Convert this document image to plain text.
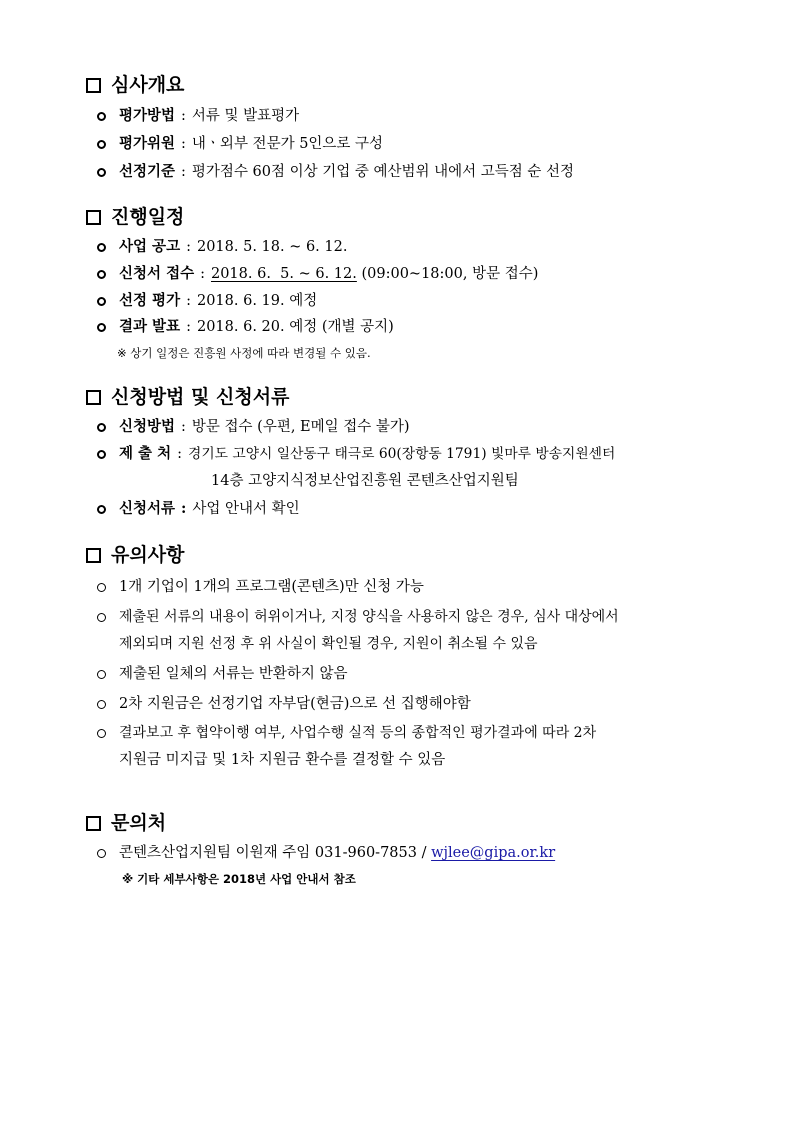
심사개요
평가방법 : 서류 및 발표평가
평가위원 : 내ㆍ외부 전문가 5인으로 구성
선정기준 : 평가점수 60점 이상 기업 중 예산범위 내에서 고득점 순 선정
진행일정
사업 공고 : 2018. 5. 18. ~ 6. 12.
신청서 접수 : 2018. 6.  5. ~ 6. 12. (09:00~18:00, 방문 접수)
선정 평가 : 2018. 6. 19. 예정
결과 발표 : 2018. 6. 20. 예정 (개별 공지)
※ 상기 일정은 진흥원 사정에 따라 변경될 수 있음.
신청방법 및 신청서류
신청방법 : 방문 접수 (우편, E메일 접수 불가)
제 출 처 : 경기도 고양시 일산동구 태극로 60(장항동 1791) 빛마루 방송지원센터
14층 고양지식정보산업진흥원 콘텐츠산업지원팀
신청서류 : 사업 안내서 확인
유의사항
1개 기업이 1개의 프로그램(콘텐츠)만 신청 가능
제출된 서류의 내용이 허위이거나, 지정 양식을 사용하지 않은 경우, 심사 대상에서
제외되며 지원 선정 후 위 사실이 확인될 경우, 지원이 취소될 수 있음
제출된 일체의 서류는 반환하지 않음
2차 지원금은 선정기업 자부담(현금)으로 선 집행해야함
결과보고 후 협약이행 여부, 사업수행 실적 등의 종합적인 평가결과에 따라 2차
지원금 미지급 및 1차 지원금 환수를 결정할 수 있음
문의처
콘텐츠산업지원팀 이원재 주임 031-960-7853 / wjlee@gipa.or.kr
※ 기타 세부사항은 2018년 사업 안내서 참조
